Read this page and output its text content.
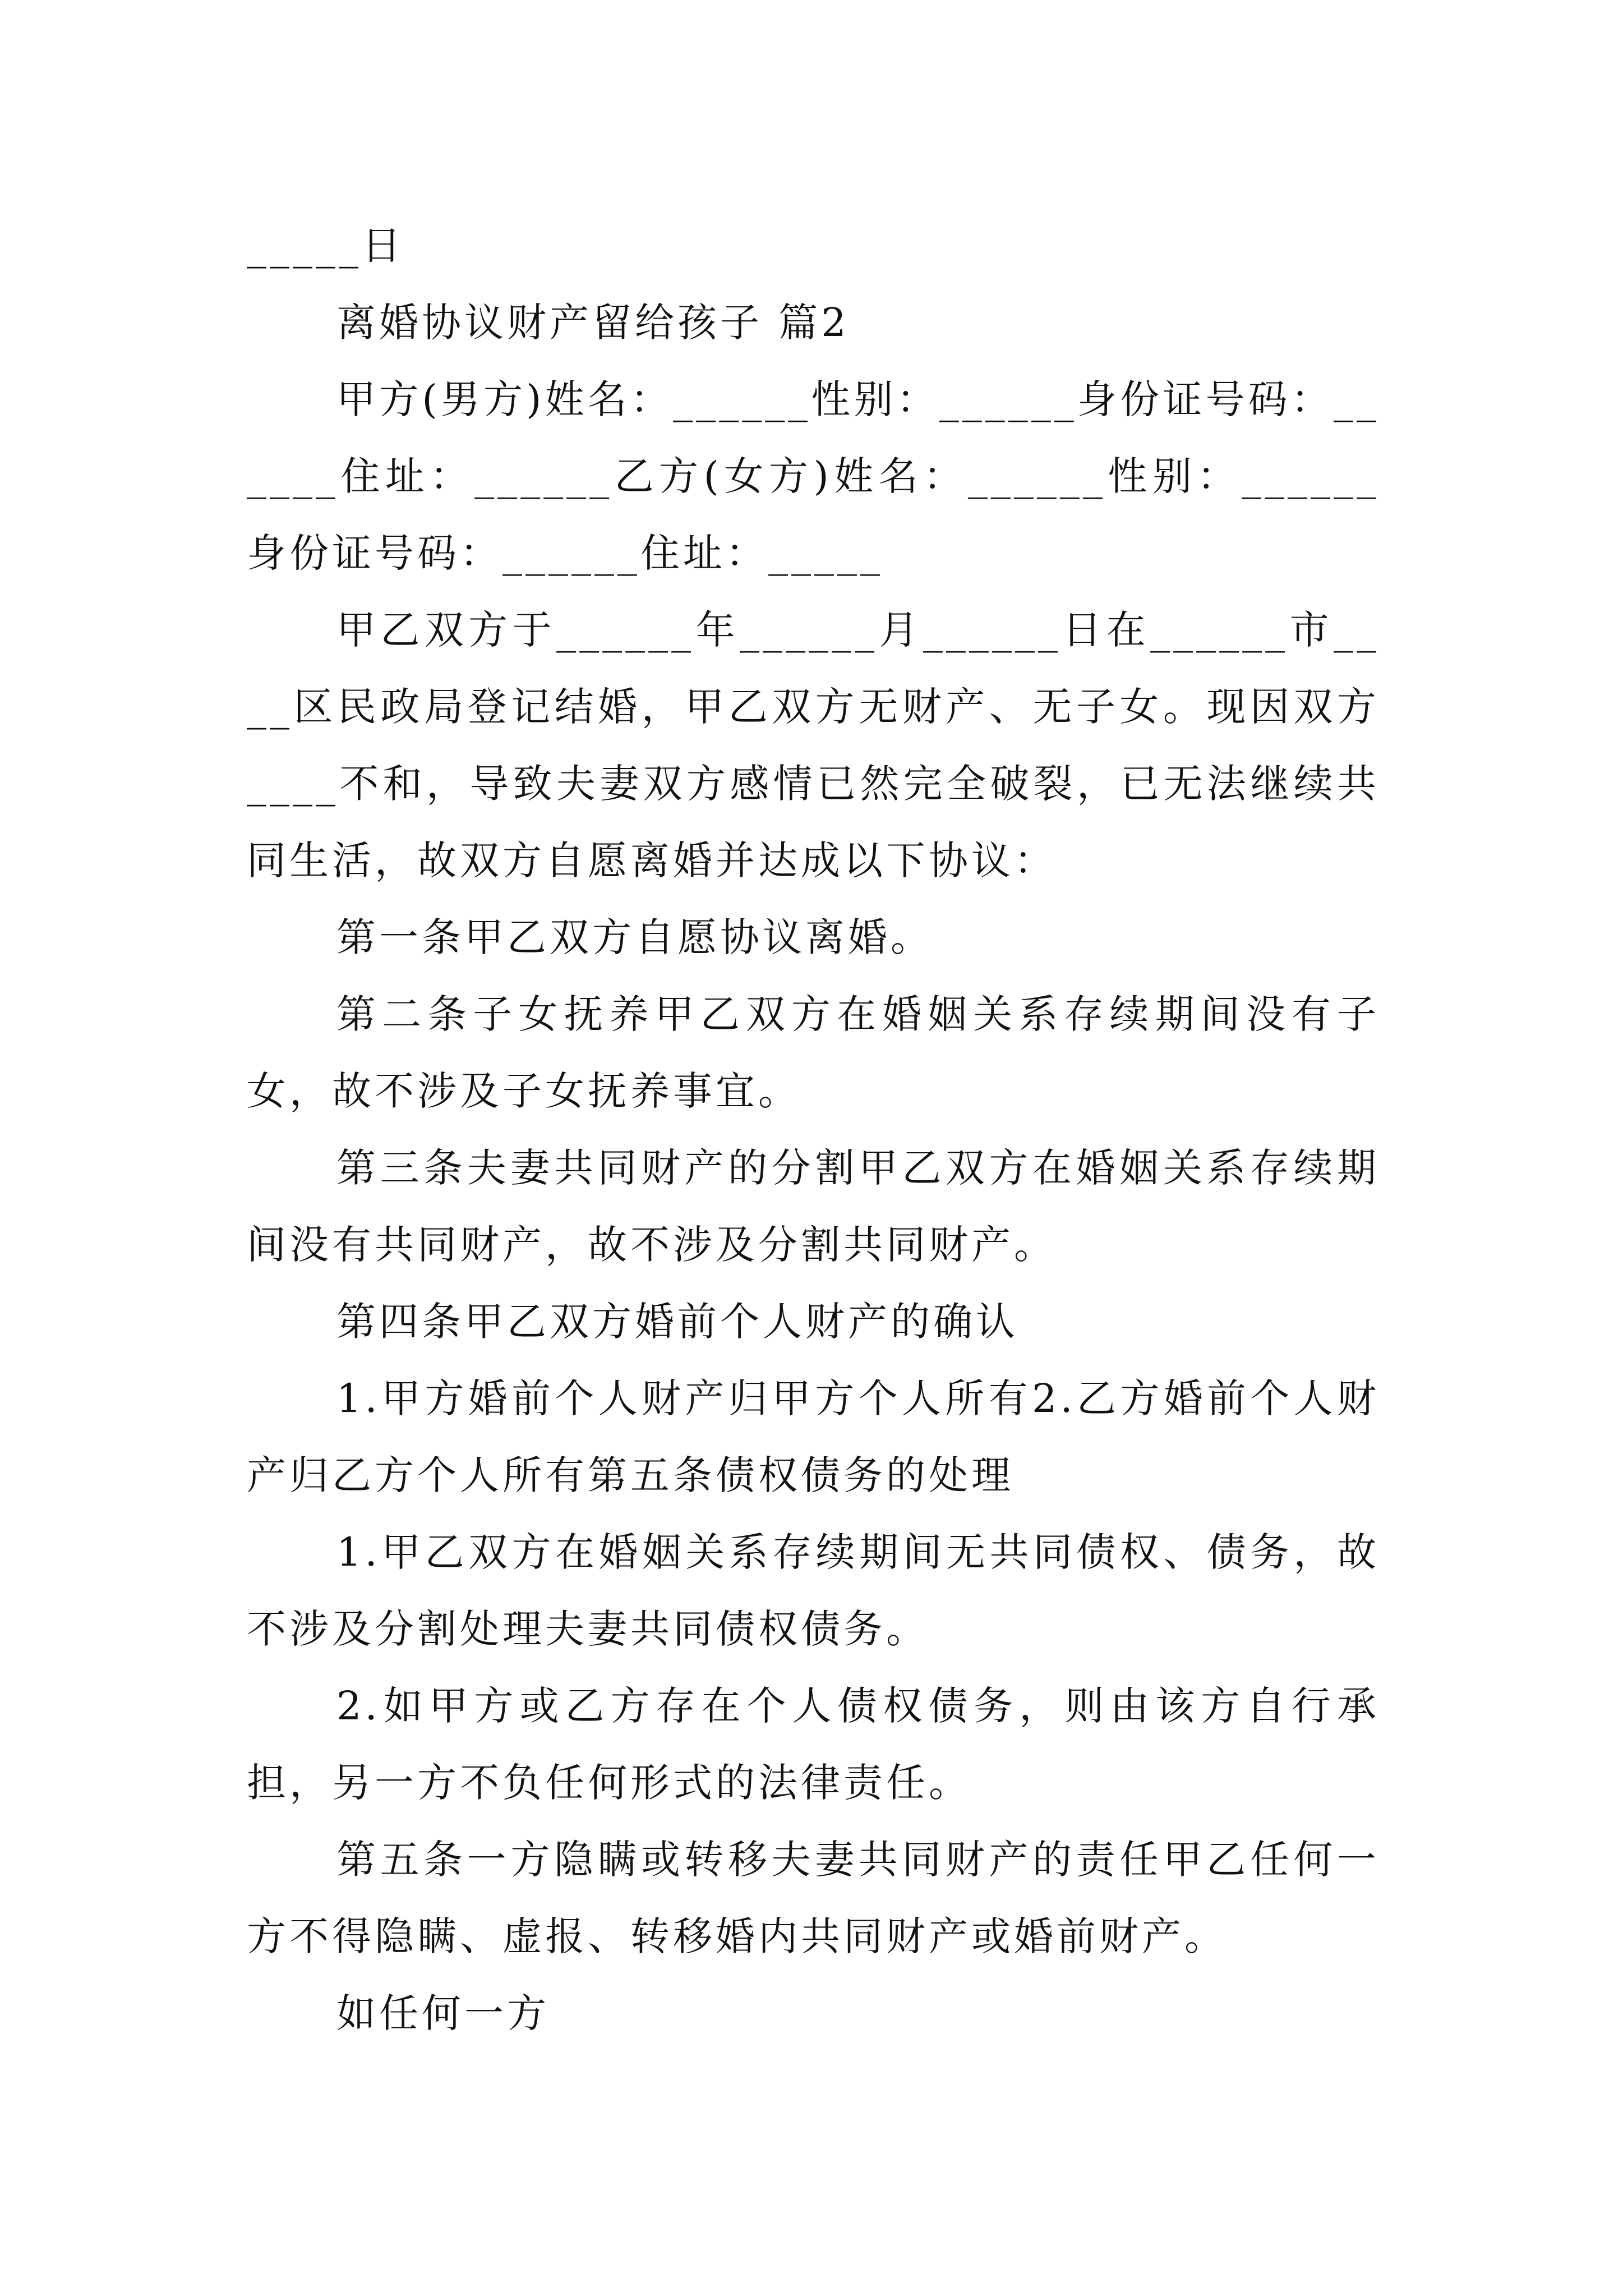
_____日

离婚协议财产留给孩子 篇2

甲方(男方)姓名：______性别：______身份证号码：______住址：______乙方(女方)姓名：______性别：______身份证号码：______住址：_____

甲乙双方于______年______月______日在______市____区民政局登记结婚，甲乙双方无财产、无子女。现因双方____不和，导致夫妻双方感情已然完全破裂，已无法继续共同生活，故双方自愿离婚并达成以下协议：

第一条甲乙双方自愿协议离婚。

第二条子女抚养甲乙双方在婚姻关系存续期间没有子女，故不涉及子女抚养事宜。

第三条夫妻共同财产的分割甲乙双方在婚姻关系存续期间没有共同财产，故不涉及分割共同财产。

第四条甲乙双方婚前个人财产的确认

1.甲方婚前个人财产归甲方个人所有2.乙方婚前个人财产归乙方个人所有第五条债权债务的处理

1.甲乙双方在婚姻关系存续期间无共同债权、债务，故不涉及分割处理夫妻共同债权债务。

2.如甲方或乙方存在个人债权债务，则由该方自行承担，另一方不负任何形式的法律责任。

第五条一方隐瞒或转移夫妻共同财产的责任甲乙任何一方不得隐瞒、虚报、转移婚内共同财产或婚前财产。

如任何一方
